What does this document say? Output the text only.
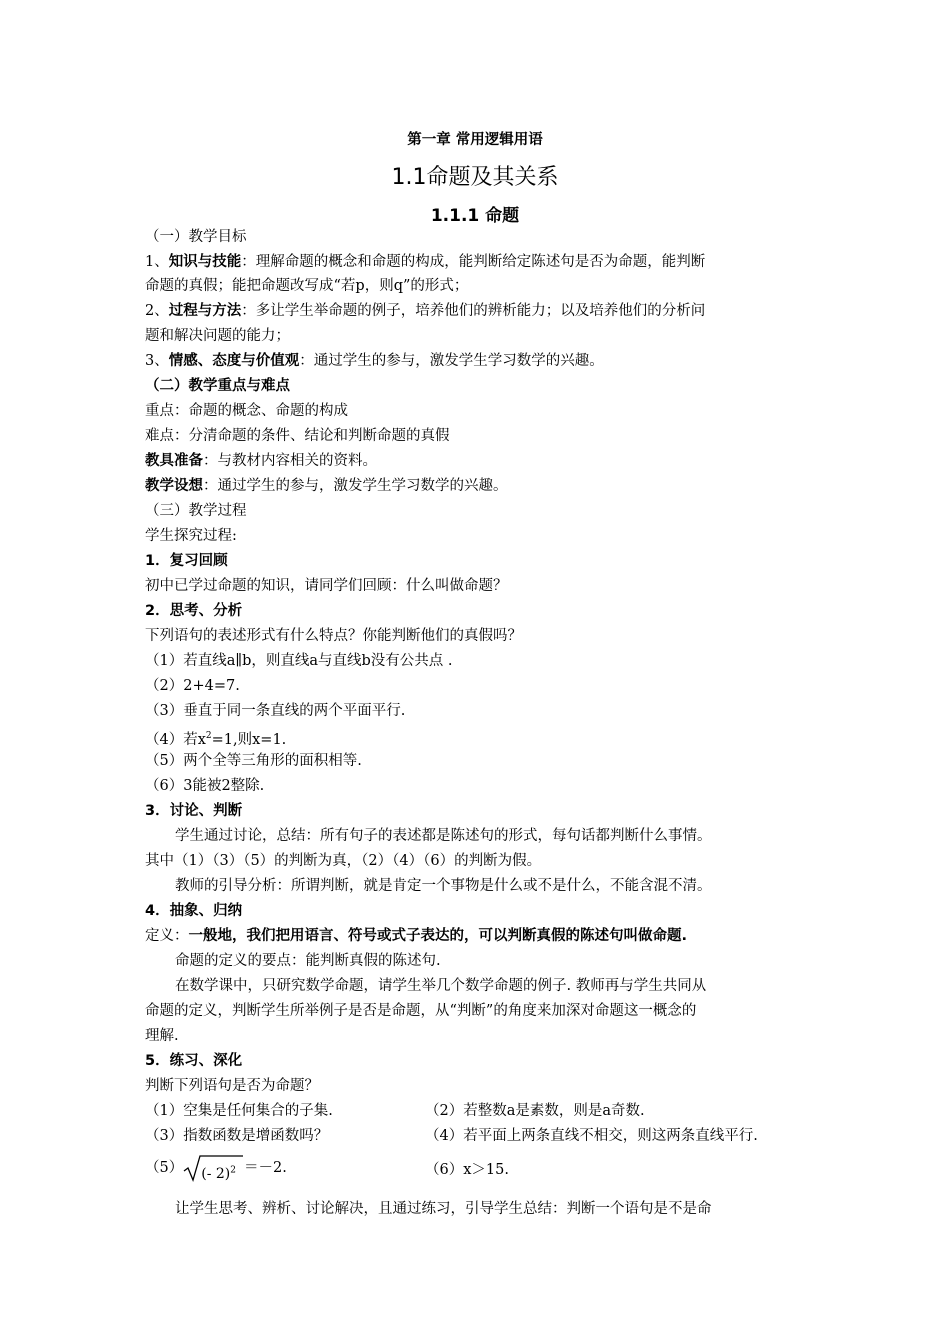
第一章 常用逻辑用语
1.1命题及其关系
1.1.1 命题
（一）教学目标
1、知识与技能：理解命题的概念和命题的构成，能判断给定陈述句是否为命题，能判断
命题的真假；能把命题改写成“若p，则q”的形式；
2、过程与方法：多让学生举命题的例子，培养他们的辨析能力；以及培养他们的分析问
题和解决问题的能力；
3、情感、态度与价值观：通过学生的参与，激发学生学习数学的兴趣。
（二）教学重点与难点
重点：命题的概念、命题的构成
难点：分清命题的条件、结论和判断命题的真假
教具准备：与教材内容相关的资料。
教学设想：通过学生的参与，激发学生学习数学的兴趣。
（三）教学过程
学生探究过程:
1．复习回顾
初中已学过命题的知识，请同学们回顾：什么叫做命题？
2．思考、分析
下列语句的表述形式有什么特点？你能判断他们的真假吗？
（1）若直线a∥b，则直线a与直线b没有公共点 .
（2）2+4=7.
（3）垂直于同一条直线的两个平面平行.
（4）若$x^2=1$,则x=1.
（5）两个全等三角形的面积相等.
（6）3能被2整除.
3．讨论、判断
学生通过讨论，总结：所有句子的表述都是陈述句的形式，每句话都判断什么事情。
其中（1）（3）（5）的判断为真，（2）（4）（6）的判断为假。
教师的引导分析：所谓判断，就是肯定一个事物是什么或不是什么，不能含混不清。
4．抽象、归纳
定义：一般地，我们把用语言、符号或式子表达的，可以判断真假的陈述句叫做命题.
命题的定义的要点：能判断真假的陈述句.
在数学课中，只研究数学命题，请学生举几个数学命题的例子. 教师再与学生共同从
命题的定义，判断学生所举例子是否是命题，从“判断”的角度来加深对命题这一概念的
理解.
5．练习、深化
判断下列语句是否为命题？
（1）空集是任何集合的子集.	（2）若整数a是素数，则是a奇数.
（3）指数函数是增函数吗？	（4）若平面上两条直线不相交，则这两条直线平行.
（5） (- 2)$^2$ ＝－2.	（6）x＞15.
让学生思考、辨析、讨论解决，且通过练习，引导学生总结：判断一个语句是不是命
